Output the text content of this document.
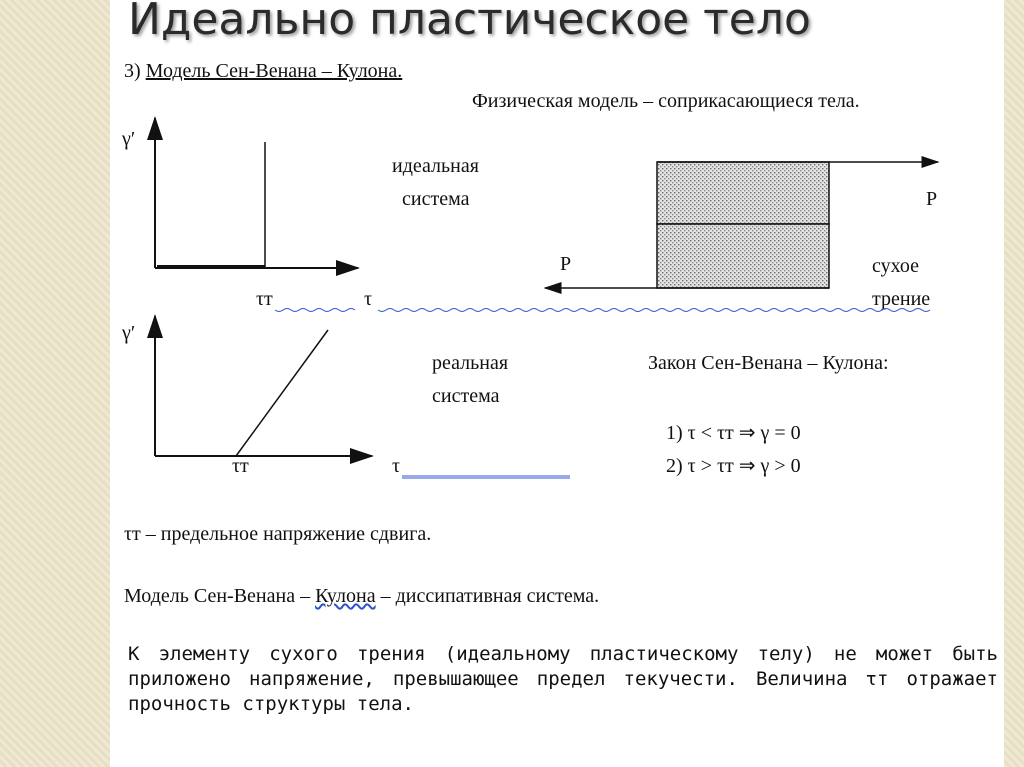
Идеально пластическое тело
3) Модель Сен-Венана – Кулона.
Физическая модель – соприкасающиеся тела.
γ′
τт	τ
идеальная
система	P
P	сухое
трение
γ′
τт	τ
реальная
система
Закон Сен-Венана – Кулона:
1) τ < τт ⇒ γ = 0
2) τ > τт ⇒ γ > 0
τт – предельное напряжение сдвига.
Модель Сен-Венана – Кулона – диссипативная система.
К элементу сухого трения (идеальному пластическому телу) не может быть приложено напряжение, превышающее предел текучести. Величина τт отражает прочность структуры тела.
